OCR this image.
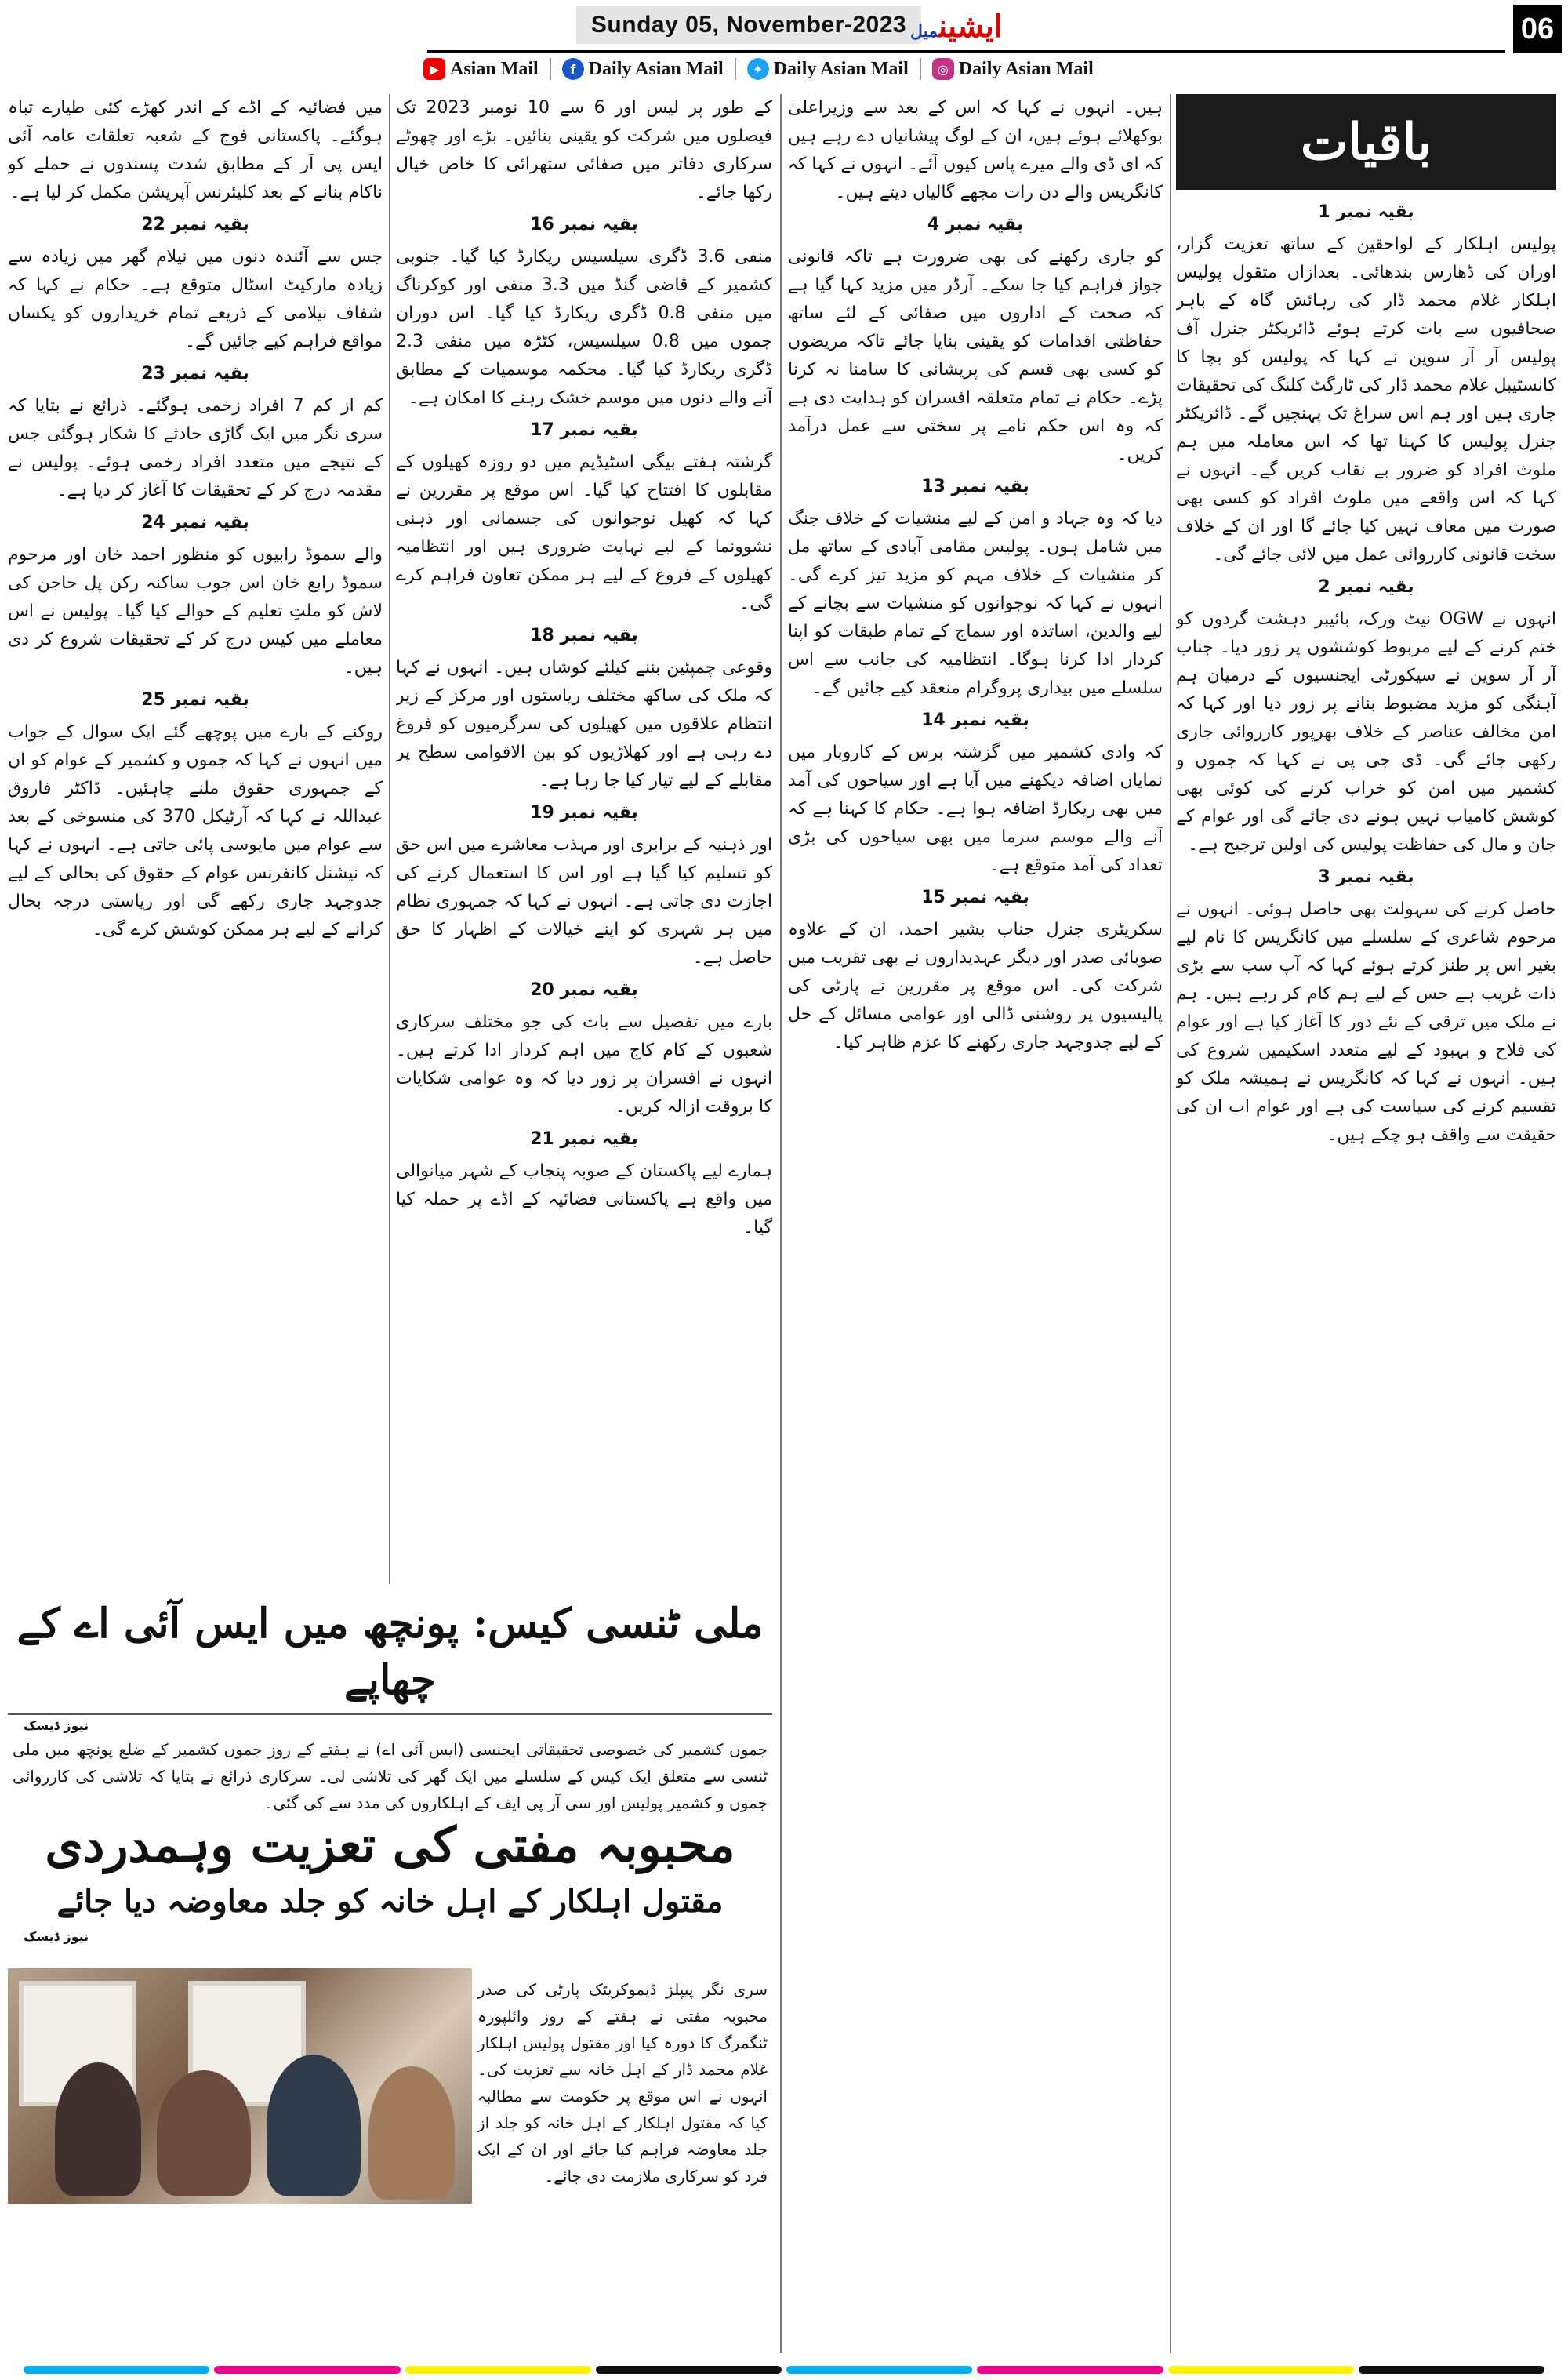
Sunday 05, November-2023	ایشینمیل	06
▶ Asian Mail	f Daily Asian Mail	✦ Daily Asian Mail	◎ Daily Asian Mail
باقیات
بقیہ نمبر 1

پولیس اہلکار کے لواحقین کے ساتھ تعزیت گزار، اوران کی ڈھارس بندھائی۔ بعدازاں متقول پولیس اہلکار غلام محمد ڈار کی رہائش گاہ کے باہر صحافیوں سے بات کرتے ہوئے ڈائریکٹر جنرل آف پولیس آر آر سوین نے کہا کہ پولیس کو بچا کا کانسٹیبل غلام محمد ڈار کی ٹارگٹ کلنگ کی تحقیقات جاری ہیں اور ہم اس سراغ تک پہنچیں گے۔ ڈائریکٹر جنرل پولیس کا کہنا تھا کہ اس معاملہ میں ہم ملوث افراد کو ضرور بے نقاب کریں گے۔ انہوں نے کہا کہ اس واقعے میں ملوث افراد کو کسی بھی صورت میں معاف نہیں کیا جائے گا اور ان کے خلاف سخت قانونی کارروائی عمل میں لائی جائے گی۔

بقیہ نمبر 2

انہوں نے OGW نیٹ ورک، بائیبر دہشت گردوں کو ختم کرنے کے لیے مربوط کوششوں پر زور دیا۔ جناب آر آر سوین نے سیکورٹی ایجنسیوں کے درمیان ہم آہنگی کو مزید مضبوط بنانے پر زور دیا اور کہا کہ امن مخالف عناصر کے خلاف بھرپور کارروائی جاری رکھی جائے گی۔ ڈی جی پی نے کہا کہ جموں و کشمیر میں امن کو خراب کرنے کی کوئی بھی کوشش کامیاب نہیں ہونے دی جائے گی اور عوام کے جان و مال کی حفاظت پولیس کی اولین ترجیح ہے۔

بقیہ نمبر 3

حاصل کرنے کی سہولت بھی حاصل ہوئی۔ انہوں نے مرحوم شاعری کے سلسلے میں کانگریس کا نام لیے بغیر اس پر طنز کرتے ہوئے کہا کہ آپ سب سے بڑی ذات غریب ہے جس کے لیے ہم کام کر رہے ہیں۔ ہم نے ملک میں ترقی کے نئے دور کا آغاز کیا ہے اور عوام کی فلاح و بہبود کے لیے متعدد اسکیمیں شروع کی ہیں۔ انہوں نے کہا کہ کانگریس نے ہمیشہ ملک کو تقسیم کرنے کی سیاست کی ہے اور عوام اب ان کی حقیقت سے واقف ہو چکے ہیں۔

ہیں۔ انہوں نے کہا کہ اس کے بعد سے وزیراعلیٰ بوکھلائے ہوئے ہیں، ان کے لوگ پیشانیاں دے رہے ہیں کہ ای ڈی والے میرے پاس کیوں آئے۔ انہوں نے کہا کہ کانگریس والے دن رات مجھے گالیاں دیتے ہیں۔

بقیہ نمبر 4

کو جاری رکھنے کی بھی ضرورت ہے تاکہ قانونی جواز فراہم کیا جا سکے۔ آرڈر میں مزید کہا گیا ہے کہ صحت کے اداروں میں صفائی کے لئے ساتھ حفاظتی اقدامات کو یقینی بنایا جائے تاکہ مریضوں کو کسی بھی قسم کی پریشانی کا سامنا نہ کرنا پڑے۔ حکام نے تمام متعلقہ افسران کو ہدایت دی ہے کہ وہ اس حکم نامے پر سختی سے عمل درآمد کریں۔

بقیہ نمبر 13

دیا کہ وہ جہاد و امن کے لیے منشیات کے خلاف جنگ میں شامل ہوں۔ پولیس مقامی آبادی کے ساتھ مل کر منشیات کے خلاف مہم کو مزید تیز کرے گی۔ انہوں نے کہا کہ نوجوانوں کو منشیات سے بچانے کے لیے والدین، اساتذہ اور سماج کے تمام طبقات کو اپنا کردار ادا کرنا ہوگا۔ انتظامیہ کی جانب سے اس سلسلے میں بیداری پروگرام منعقد کیے جائیں گے۔

بقیہ نمبر 14

کہ وادی کشمیر میں گزشتہ برس کے کاروبار میں نمایاں اضافہ دیکھنے میں آیا ہے اور سیاحوں کی آمد میں بھی ریکارڈ اضافہ ہوا ہے۔ حکام کا کہنا ہے کہ آنے والے موسم سرما میں بھی سیاحوں کی بڑی تعداد کی آمد متوقع ہے۔

بقیہ نمبر 15

سکریٹری جنرل جناب بشیر احمد، ان کے علاوہ صوبائی صدر اور دیگر عہدیداروں نے بھی تقریب میں شرکت کی۔ اس موقع پر مقررین نے پارٹی کی پالیسیوں پر روشنی ڈالی اور عوامی مسائل کے حل کے لیے جدوجہد جاری رکھنے کا عزم ظاہر کیا۔

کے طور پر لیس اور 6 سے 10 نومبر 2023 تک فیصلوں میں شرکت کو یقینی بنائیں۔ بڑے اور چھوٹے سرکاری دفاتر میں صفائی ستھرائی کا خاص خیال رکھا جائے۔

بقیہ نمبر 16

منفی 3.6 ڈگری سیلسیس ریکارڈ کیا گیا۔ جنوبی کشمیر کے قاضی گنڈ میں 3.3 منفی اور کوکرناگ میں منفی 0.8 ڈگری ریکارڈ کیا گیا۔ اس دوران جموں میں 0.8 سیلسیس، کٹڑہ میں منفی 2.3 ڈگری ریکارڈ کیا گیا۔ محکمہ موسمیات کے مطابق آنے والے دنوں میں موسم خشک رہنے کا امکان ہے۔

بقیہ نمبر 17

گزشتہ ہفتے بیگی اسٹیڈیم میں دو روزہ کھیلوں کے مقابلوں کا افتتاح کیا گیا۔ اس موقع پر مقررین نے کہا کہ کھیل نوجوانوں کی جسمانی اور ذہنی نشوونما کے لیے نہایت ضروری ہیں اور انتظامیہ کھیلوں کے فروغ کے لیے ہر ممکن تعاون فراہم کرے گی۔

بقیہ نمبر 18

وقوعی چمپئین بننے کیلئے کوشاں ہیں۔ انہوں نے کہا کہ ملک کی ساکھ مختلف ریاستوں اور مرکز کے زیر انتظام علاقوں میں کھیلوں کی سرگرمیوں کو فروغ دے رہی ہے اور کھلاڑیوں کو بین الاقوامی سطح پر مقابلے کے لیے تیار کیا جا رہا ہے۔

بقیہ نمبر 19

اور ذہنیہ کے برابری اور مہذب معاشرے میں اس حق کو تسلیم کیا گیا ہے اور اس کا استعمال کرنے کی اجازت دی جاتی ہے۔ انہوں نے کہا کہ جمہوری نظام میں ہر شہری کو اپنے خیالات کے اظہار کا حق حاصل ہے۔

بقیہ نمبر 20

بارے میں تفصیل سے بات کی جو مختلف سرکاری شعبوں کے کام کاج میں اہم کردار ادا کرتے ہیں۔ انہوں نے افسران پر زور دیا کہ وہ عوامی شکایات کا بروقت ازالہ کریں۔

بقیہ نمبر 21

ہمارے لیے پاکستان کے صوبہ پنجاب کے شہر میانوالی میں واقع ہے پاکستانی فضائیہ کے اڈے پر حملہ کیا گیا۔

میں فضائیہ کے اڈے کے اندر کھڑے کئی طیارے تباہ ہوگئے۔ پاکستانی فوج کے شعبہ تعلقات عامہ آئی ایس پی آر کے مطابق شدت پسندوں نے حملے کو ناکام بنانے کے بعد کلیئرنس آپریشن مکمل کر لیا ہے۔

بقیہ نمبر 22

جس سے آئندہ دنوں میں نیلام گھر میں زیادہ سے زیادہ مارکیٹ اسٹال متوقع ہے۔ حکام نے کہا کہ شفاف نیلامی کے ذریعے تمام خریداروں کو یکساں مواقع فراہم کیے جائیں گے۔

بقیہ نمبر 23

کم از کم 7 افراد زخمی ہوگئے۔ ذرائع نے بتایا کہ سری نگر میں ایک گاڑی حادثے کا شکار ہوگئی جس کے نتیجے میں متعدد افراد زخمی ہوئے۔ پولیس نے مقدمہ درج کر کے تحقیقات کا آغاز کر دیا ہے۔

بقیہ نمبر 24

والے سموڈ رابیوں کو منظور احمد خان اور مرحوم سموڈ رابع خان اس جوب ساکنہ رکن پل حاجن کی لاش کو ملتِ تعلیم کے حوالے کیا گیا۔ پولیس نے اس معاملے میں کیس درج کر کے تحقیقات شروع کر دی ہیں۔

بقیہ نمبر 25

روکنے کے بارے میں پوچھے گئے ایک سوال کے جواب میں انہوں نے کہا کہ جموں و کشمیر کے عوام کو ان کے جمہوری حقوق ملنے چاہئیں۔ ڈاکٹر فاروق عبداللہ نے کہا کہ آرٹیکل 370 کی منسوخی کے بعد سے عوام میں مایوسی پائی جاتی ہے۔ انہوں نے کہا کہ نیشنل کانفرنس عوام کے حقوق کی بحالی کے لیے جدوجہد جاری رکھے گی اور ریاستی درجہ بحال کرانے کے لیے ہر ممکن کوشش کرے گی۔

ملی ٹنسی کیس: پونچھ میں ایس آئی اے کے چھاپے
نیوز ڈیسک
جموں کشمیر کی خصوصی تحقیقاتی ایجنسی (ایس آئی اے) نے ہفتے کے روز جموں کشمیر کے ضلع پونچھ میں ملی ٹنسی سے متعلق ایک کیس کے سلسلے میں ایک گھر کی تلاشی لی۔ سرکاری ذرائع نے بتایا کہ تلاشی کی کارروائی جموں و کشمیر پولیس اور سی آر پی ایف کے اہلکاروں کی مدد سے کی گئی۔
محبوبہ مفتی کی تعزیت وہمدردی
مقتول اہلکار کے اہل خانہ کو جلد معاوضہ دیا جائے
نیوز ڈیسک
سری نگر پیپلز ڈیموکریٹک پارٹی کی صدر محبوبہ مفتی نے ہفتے کے روز وائلپورہ ٹنگمرگ کا دورہ کیا اور مقتول پولیس اہلکار غلام محمد ڈار کے اہل خانہ سے تعزیت کی۔ انہوں نے اس موقع پر حکومت سے مطالبہ کیا کہ مقتول اہلکار کے اہل خانہ کو جلد از جلد معاوضہ فراہم کیا جائے اور ان کے ایک فرد کو سرکاری ملازمت دی جائے۔
